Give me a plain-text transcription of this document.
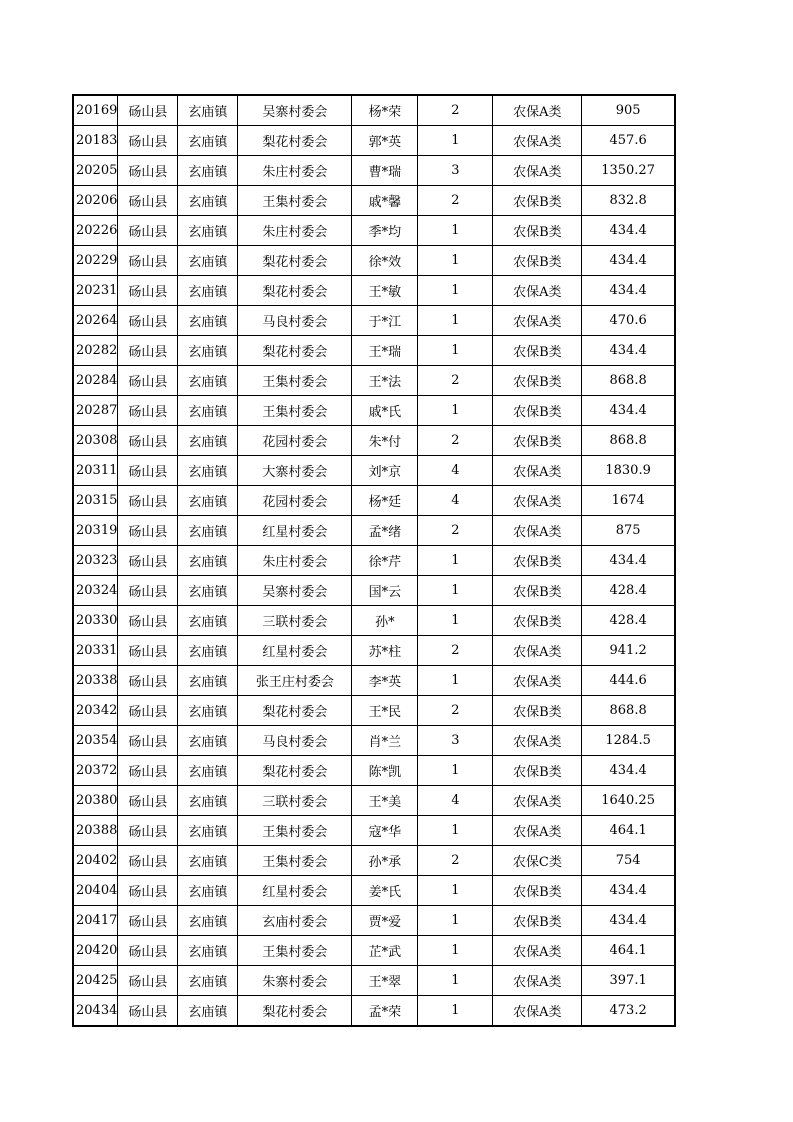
20169	砀山县	玄庙镇	吴寨村委会	杨*荣	2	农保A类	905
20183	砀山县	玄庙镇	梨花村委会	郭*英	1	农保A类	457.6
20205	砀山县	玄庙镇	朱庄村委会	曹*瑞	3	农保A类	1350.27
20206	砀山县	玄庙镇	王集村委会	戚*馨	2	农保B类	832.8
20226	砀山县	玄庙镇	朱庄村委会	季*均	1	农保B类	434.4
20229	砀山县	玄庙镇	梨花村委会	徐*效	1	农保B类	434.4
20231	砀山县	玄庙镇	梨花村委会	王*敏	1	农保A类	434.4
20264	砀山县	玄庙镇	马良村委会	于*江	1	农保A类	470.6
20282	砀山县	玄庙镇	梨花村委会	王*瑞	1	农保B类	434.4
20284	砀山县	玄庙镇	王集村委会	王*法	2	农保B类	868.8
20287	砀山县	玄庙镇	王集村委会	戚*氏	1	农保B类	434.4
20308	砀山县	玄庙镇	花园村委会	朱*付	2	农保B类	868.8
20311	砀山县	玄庙镇	大寨村委会	刘*京	4	农保A类	1830.9
20315	砀山县	玄庙镇	花园村委会	杨*廷	4	农保A类	1674
20319	砀山县	玄庙镇	红星村委会	孟*绪	2	农保A类	875
20323	砀山县	玄庙镇	朱庄村委会	徐*芹	1	农保B类	434.4
20324	砀山县	玄庙镇	吴寨村委会	国*云	1	农保B类	428.4
20330	砀山县	玄庙镇	三联村委会	孙*	1	农保B类	428.4
20331	砀山县	玄庙镇	红星村委会	苏*柱	2	农保A类	941.2
20338	砀山县	玄庙镇	张王庄村委会	李*英	1	农保A类	444.6
20342	砀山县	玄庙镇	梨花村委会	王*民	2	农保B类	868.8
20354	砀山县	玄庙镇	马良村委会	肖*兰	3	农保A类	1284.5
20372	砀山县	玄庙镇	梨花村委会	陈*凯	1	农保B类	434.4
20380	砀山县	玄庙镇	三联村委会	王*美	4	农保A类	1640.25
20388	砀山县	玄庙镇	王集村委会	寇*华	1	农保A类	464.1
20402	砀山县	玄庙镇	王集村委会	孙*承	2	农保C类	754
20404	砀山县	玄庙镇	红星村委会	姜*氏	1	农保B类	434.4
20417	砀山县	玄庙镇	玄庙村委会	贾*爱	1	农保B类	434.4
20420	砀山县	玄庙镇	王集村委会	芷*武	1	农保A类	464.1
20425	砀山县	玄庙镇	朱寨村委会	王*翠	1	农保A类	397.1
20434	砀山县	玄庙镇	梨花村委会	孟*荣	1	农保A类	473.2
